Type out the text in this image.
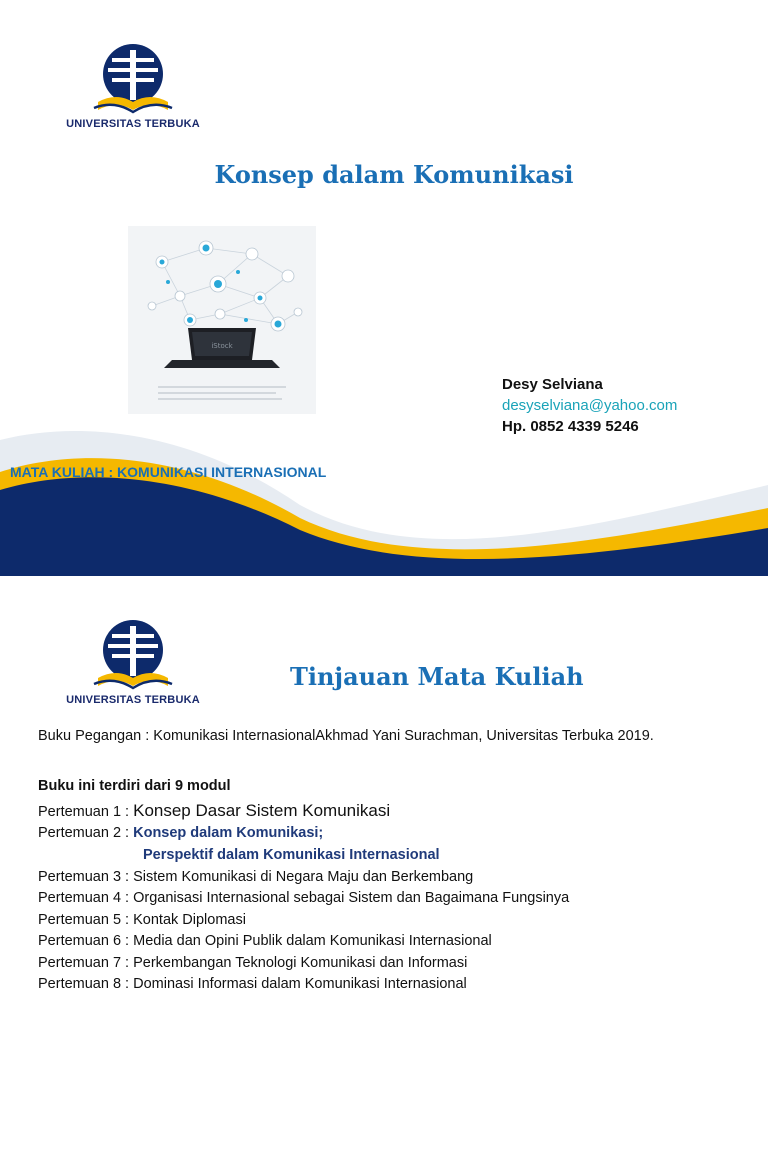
UNIVERSITAS TERBUKA
Konsep dalam Komunikasi
iStock
Desy Selviana
desyselviana@yahoo.com
Hp. 0852 4339 5246
MATA KULIAH : KOMUNIKASI INTERNASIONAL
UNIVERSITAS TERBUKA
Tinjauan Mata Kuliah
Buku Pegangan : Komunikasi InternasionalAkhmad Yani Surachman, Universitas Terbuka 2019.
Buku ini terdiri dari 9 modul
Pertemuan 1 : Konsep Dasar Sistem Komunikasi
Pertemuan 2 : Konsep dalam Komunikasi;
Perspektif dalam Komunikasi Internasional
Pertemuan 3 : Sistem Komunikasi di Negara Maju dan Berkembang
Pertemuan 4 : Organisasi Internasional sebagai Sistem dan Bagaimana Fungsinya
Pertemuan 5 : Kontak Diplomasi
Pertemuan 6 : Media dan Opini Publik dalam Komunikasi Internasional
Pertemuan 7 : Perkembangan Teknologi Komunikasi dan Informasi
Pertemuan 8 : Dominasi Informasi dalam Komunikasi Internasional
